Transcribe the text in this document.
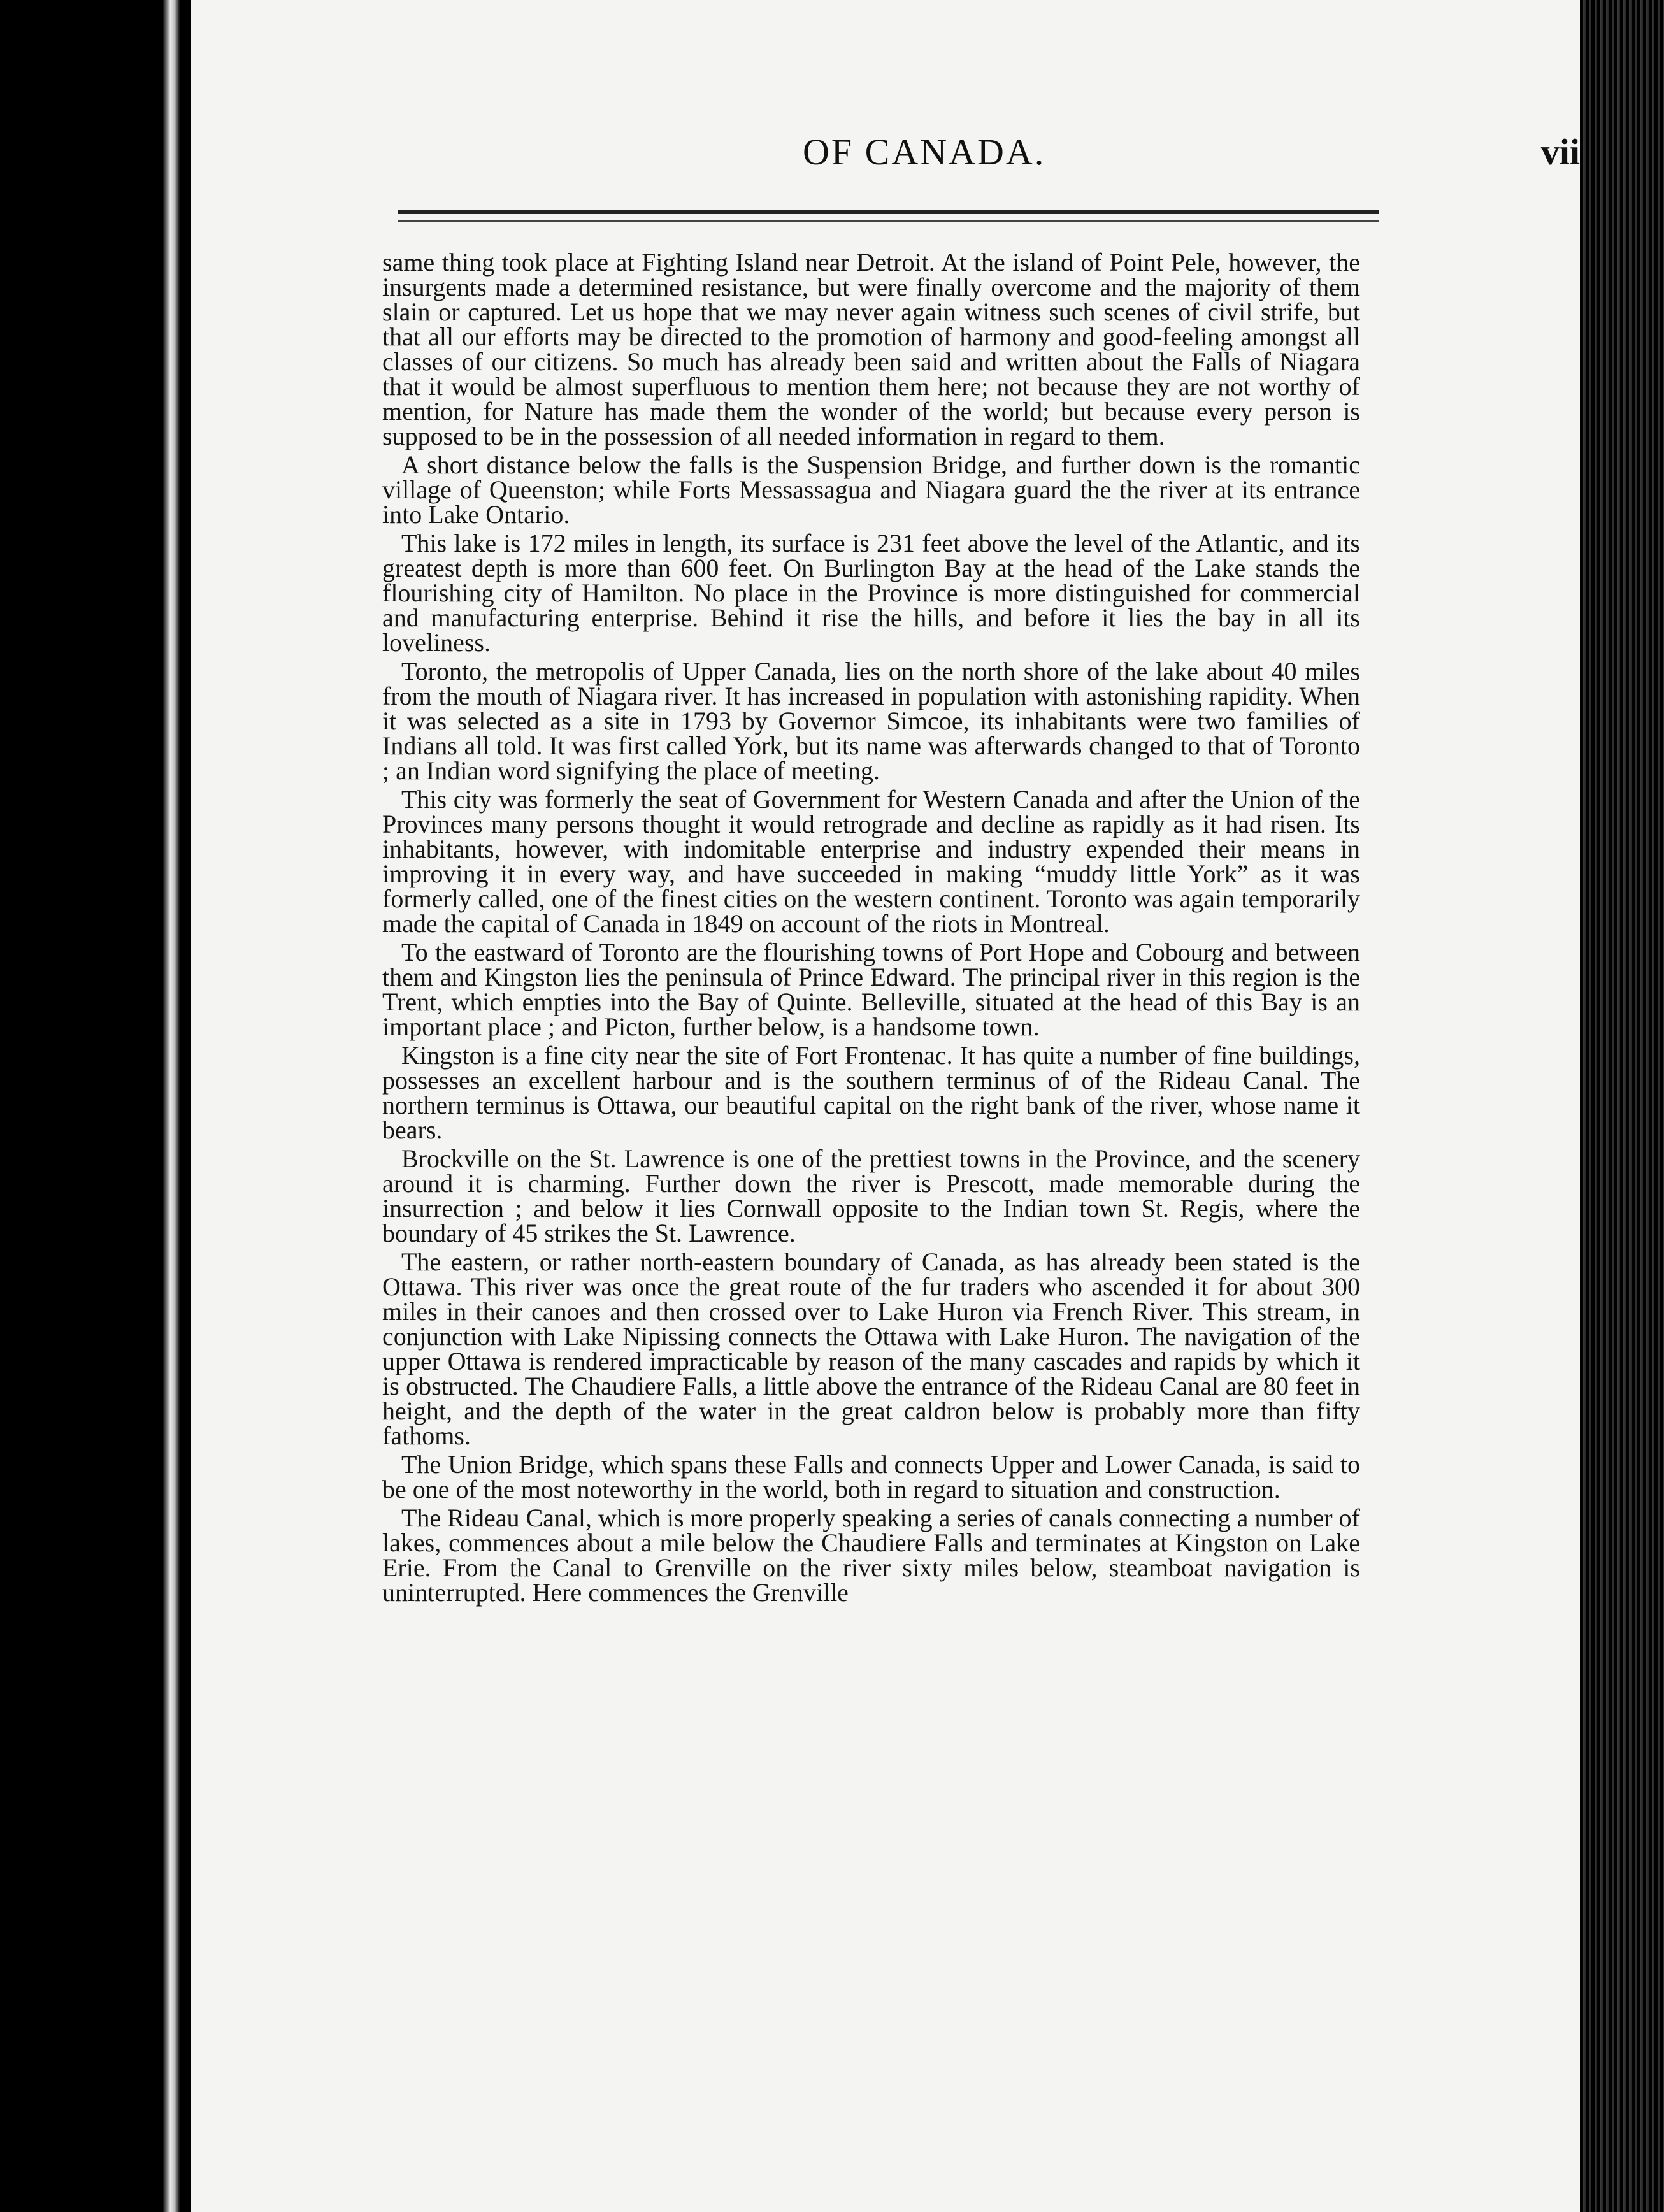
OF CANADA.	vii

same thing took place at Fighting Island near Detroit. At the island of Point Pele, however, the insurgents made a determined resistance, but were finally overcome and the majority of them slain or captured. Let us hope that we may never again witness such scenes of civil strife, but that all our efforts may be directed to the promotion of harmony and good-feeling amongst all classes of our citizens. So much has already been said and written about the Falls of Niagara that it would be almost superfluous to mention them here; not because they are not worthy of mention, for Nature has made them the wonder of the world; but because every person is supposed to be in the possession of all needed information in regard to them.

A short distance below the falls is the Suspension Bridge, and further down is the romantic village of Queenston; while Forts Messassagua and Niagara guard the the river at its entrance into Lake Ontario.

This lake is 172 miles in length, its surface is 231 feet above the level of the Atlantic, and its greatest depth is more than 600 feet. On Burlington Bay at the head of the Lake stands the flourishing city of Hamilton. No place in the Province is more distinguished for commercial and manufacturing enterprise. Behind it rise the hills, and before it lies the bay in all its loveliness.

Toronto, the metropolis of Upper Canada, lies on the north shore of the lake about 40 miles from the mouth of Niagara river. It has increased in population with astonishing rapidity. When it was selected as a site in 1793 by Governor Simcoe, its inhabitants were two families of Indians all told. It was first called York, but its name was afterwards changed to that of Toronto ; an Indian word signifying the place of meeting.

This city was formerly the seat of Government for Western Canada and after the Union of the Provinces many persons thought it would retrograde and decline as rapidly as it had risen. Its inhabitants, however, with indomitable enterprise and industry expended their means in improving it in every way, and have succeeded in making “muddy little York” as it was formerly called, one of the finest cities on the western continent. Toronto was again temporarily made the capital of Canada in 1849 on account of the riots in Montreal.

To the eastward of Toronto are the flourishing towns of Port Hope and Cobourg and between them and Kingston lies the peninsula of Prince Edward. The principal river in this region is the Trent, which empties into the Bay of Quinte. Belleville, situated at the head of this Bay is an important place ; and Picton, further below, is a handsome town.

Kingston is a fine city near the site of Fort Frontenac. It has quite a number of fine buildings, possesses an excellent harbour and is the southern terminus of of the Rideau Canal. The northern terminus is Ottawa, our beautiful capital on the right bank of the river, whose name it bears.

Brockville on the St. Lawrence is one of the prettiest towns in the Province, and the scenery around it is charming. Further down the river is Prescott, made memorable during the insurrection ; and below it lies Cornwall opposite to the Indian town St. Regis, where the boundary of 45 strikes the St. Lawrence.

The eastern, or rather north-eastern boundary of Canada, as has already been stated is the Ottawa. This river was once the great route of the fur traders who ascended it for about 300 miles in their canoes and then crossed over to Lake Huron via French River. This stream, in conjunction with Lake Nipissing connects the Ottawa with Lake Huron. The navigation of the upper Ottawa is rendered impracticable by reason of the many cascades and rapids by which it is obstructed. The Chaudiere Falls, a little above the entrance of the Rideau Canal are 80 feet in height, and the depth of the water in the great caldron below is probably more than fifty fathoms.

The Union Bridge, which spans these Falls and connects Upper and Lower Canada, is said to be one of the most noteworthy in the world, both in regard to situation and construction.

The Rideau Canal, which is more properly speaking a series of canals connecting a number of lakes, commences about a mile below the Chaudiere Falls and terminates at Kingston on Lake Erie. From the Canal to Grenville on the river sixty miles below, steamboat navigation is uninterrupted. Here commences the Grenville
